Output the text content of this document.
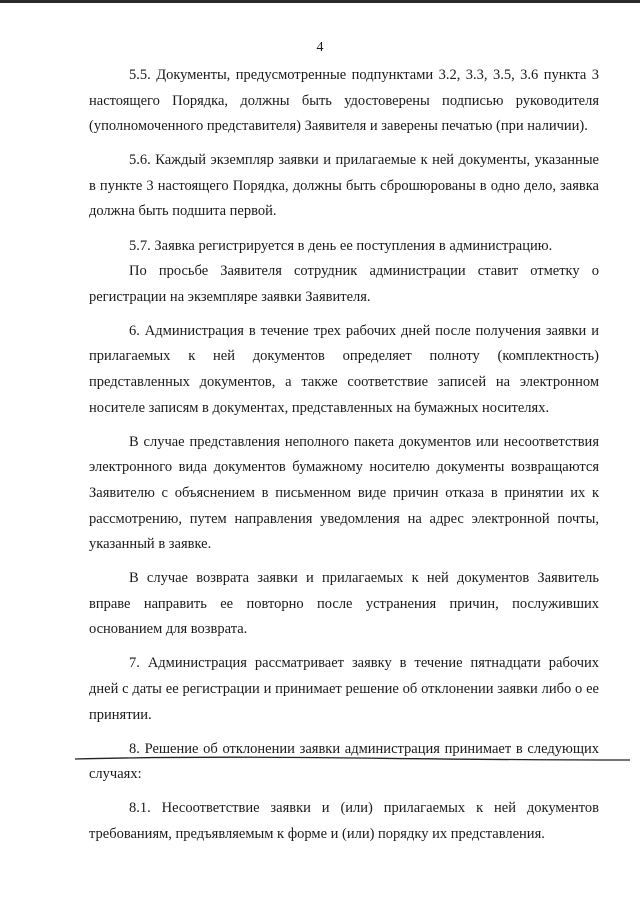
4

5.5. Документы, предусмотренные подпунктами 3.2, 3.3, 3.5, 3.6 пункта 3 настоящего Порядка, должны быть удостоверены подписью руководителя (уполномоченного представителя) Заявителя и заверены печатью (при наличии).

5.6. Каждый экземпляр заявки и прилагаемые к ней документы, указанные в пункте 3 настоящего Порядка, должны быть сброшюрованы в одно дело, заявка должна быть подшита первой.

5.7. Заявка регистрируется в день ее поступления в администрацию.

По просьбе Заявителя сотрудник администрации ставит отметку о регистрации на экземпляре заявки Заявителя.

6. Администрация в течение трех рабочих дней после получения заявки и прилагаемых к ней документов определяет полноту (комплектность) представленных документов, а также соответствие записей на электронном носителе записям в документах, представленных на бумажных носителях.

В случае представления неполного пакета документов или несоответствия электронного вида документов бумажному носителю документы возвращаются Заявителю с объяснением в письменном виде причин отказа в принятии их к рассмотрению, путем направления уведомления на адрес электронной почты, указанный в заявке.

В случае возврата заявки и прилагаемых к ней документов Заявитель вправе направить ее повторно после устранения причин, послуживших основанием для возврата.

7. Администрация рассматривает заявку в течение пятнадцати рабочих дней с даты ее регистрации и принимает решение об отклонении заявки либо о ее принятии.

8. Решение об отклонении заявки администрация принимает в следующих случаях:

8.1. Несоответствие заявки и (или) прилагаемых к ней документов требованиям, предъявляемым к форме и (или) порядку их представления.
